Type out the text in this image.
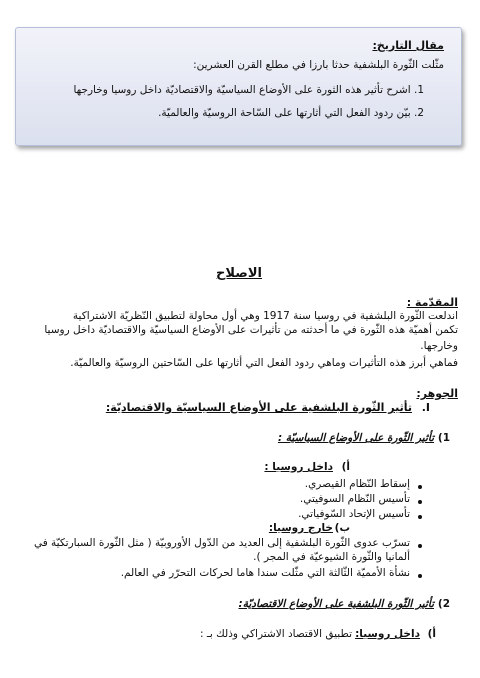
مقال التاريخ:
مثّلت الثّورة البلشفية حدثا بارزا في مطلع القرن العشرين:
1. اشرح تأثير هذه الثورة على الأوضاع السياسيّة والاقتصاديّة داخل روسيا وخارجها
2. بيّن ردود الفعل التي أثارتها على السّاحة الروسيّة والعالميّة.
الاصلاح
المقدّمة :
اندلعت الثّورة البلشفية في روسيا سنة 1917 وهي أول محاولة لتطبيق النّظريّة الاشتراكية
تكمن أهميّة هذه الثّورة في ما أحدثته من تأثيرات على الأوضاع السياسيّة والاقتصاديّة داخل روسيا
وخارجها.
فماهي أبرز هذه التأثيرات وماهي ردود الفعل التي أثارتها على السّاحتين الروسيّة والعالميّة.
الجوهر:
I.
تأثير الثّورة البلشفية على الأوضاع السياسيّة والاقتصاديّة:
1)
تأثير الثّورة على الأوضاع السياسيّة :
أ)
داخل روسيا :
إسقاط النّظام القيصري.
تأسيس النّظام السوفيتي.
تأسيس الإتحاد السّوفياتي.
ب)
خارج روسيا:
تسرّب عدوى الثّورة البلشفية إلى العديد من الدّول الأوروبيّة ( مثل الثّورة السبارتكيّة في
ألمانيا والثّورة الشيوعيّة في المجر ).
نشأة الأمميّة الثّالثة التي مثّلت سندا هاما لحركات التحرّر في العالم.
2)
تأثير الثّورة البلشفية على الأوضاع الاقتصاديّة:
أ)
داخل روسيا:
تطبيق الاقتصاد الاشتراكي وذلك بـ :
